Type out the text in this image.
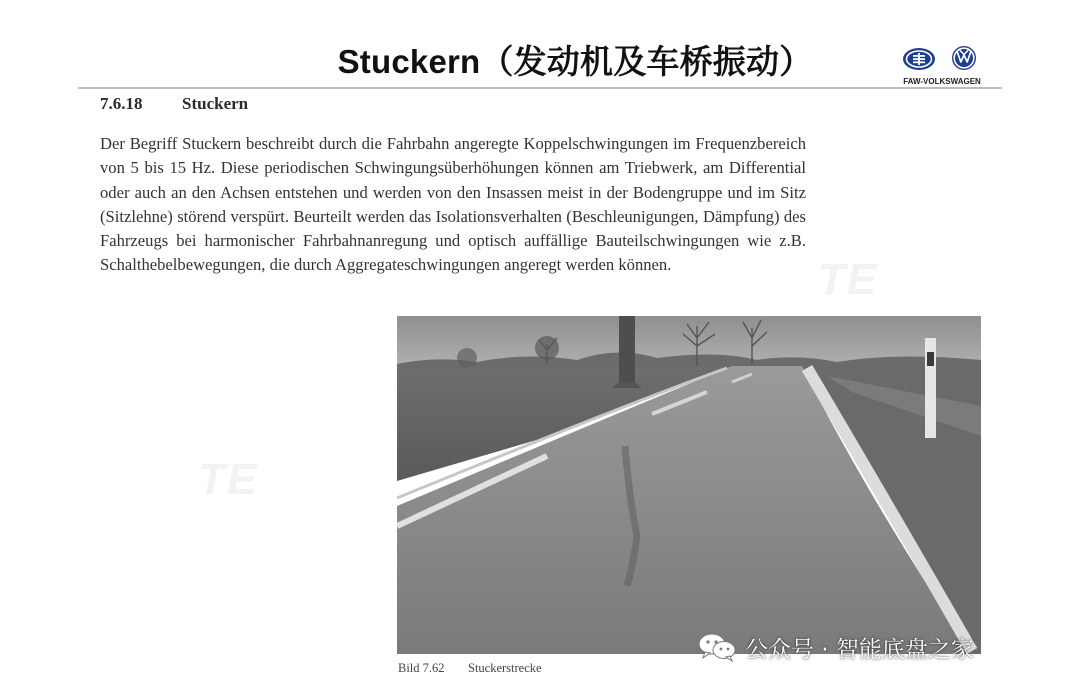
TE
TE
Stuckern（发动机及车桥振动）
FAW-VOLKSWAGEN
7.6.18 Stuckern

Der Begriff Stuckern beschreibt durch die Fahrbahn angeregte Koppelschwingungen im Frequenzbereich von 5 bis 15 Hz. Diese periodischen Schwingungsüberhöhungen können am Triebwerk, am Differential oder auch an den Achsen entstehen und werden von den Insassen meist in der Bodengruppe und im Sitz (Sitzlehne) störend verspürt. Beurteilt werden das Isolationsverhalten (Beschleunigungen, Dämpfung) des Fahrzeugs bei harmonischer Fahrbahnanregung und optisch auffällige Bauteilschwingungen wie z.B. Schalthebelbewegungen, die durch Aggregateschwingungen angeregt werden können.

Bild 7.62 Stuckerstrecke
公众号 · 智能底盘之家
